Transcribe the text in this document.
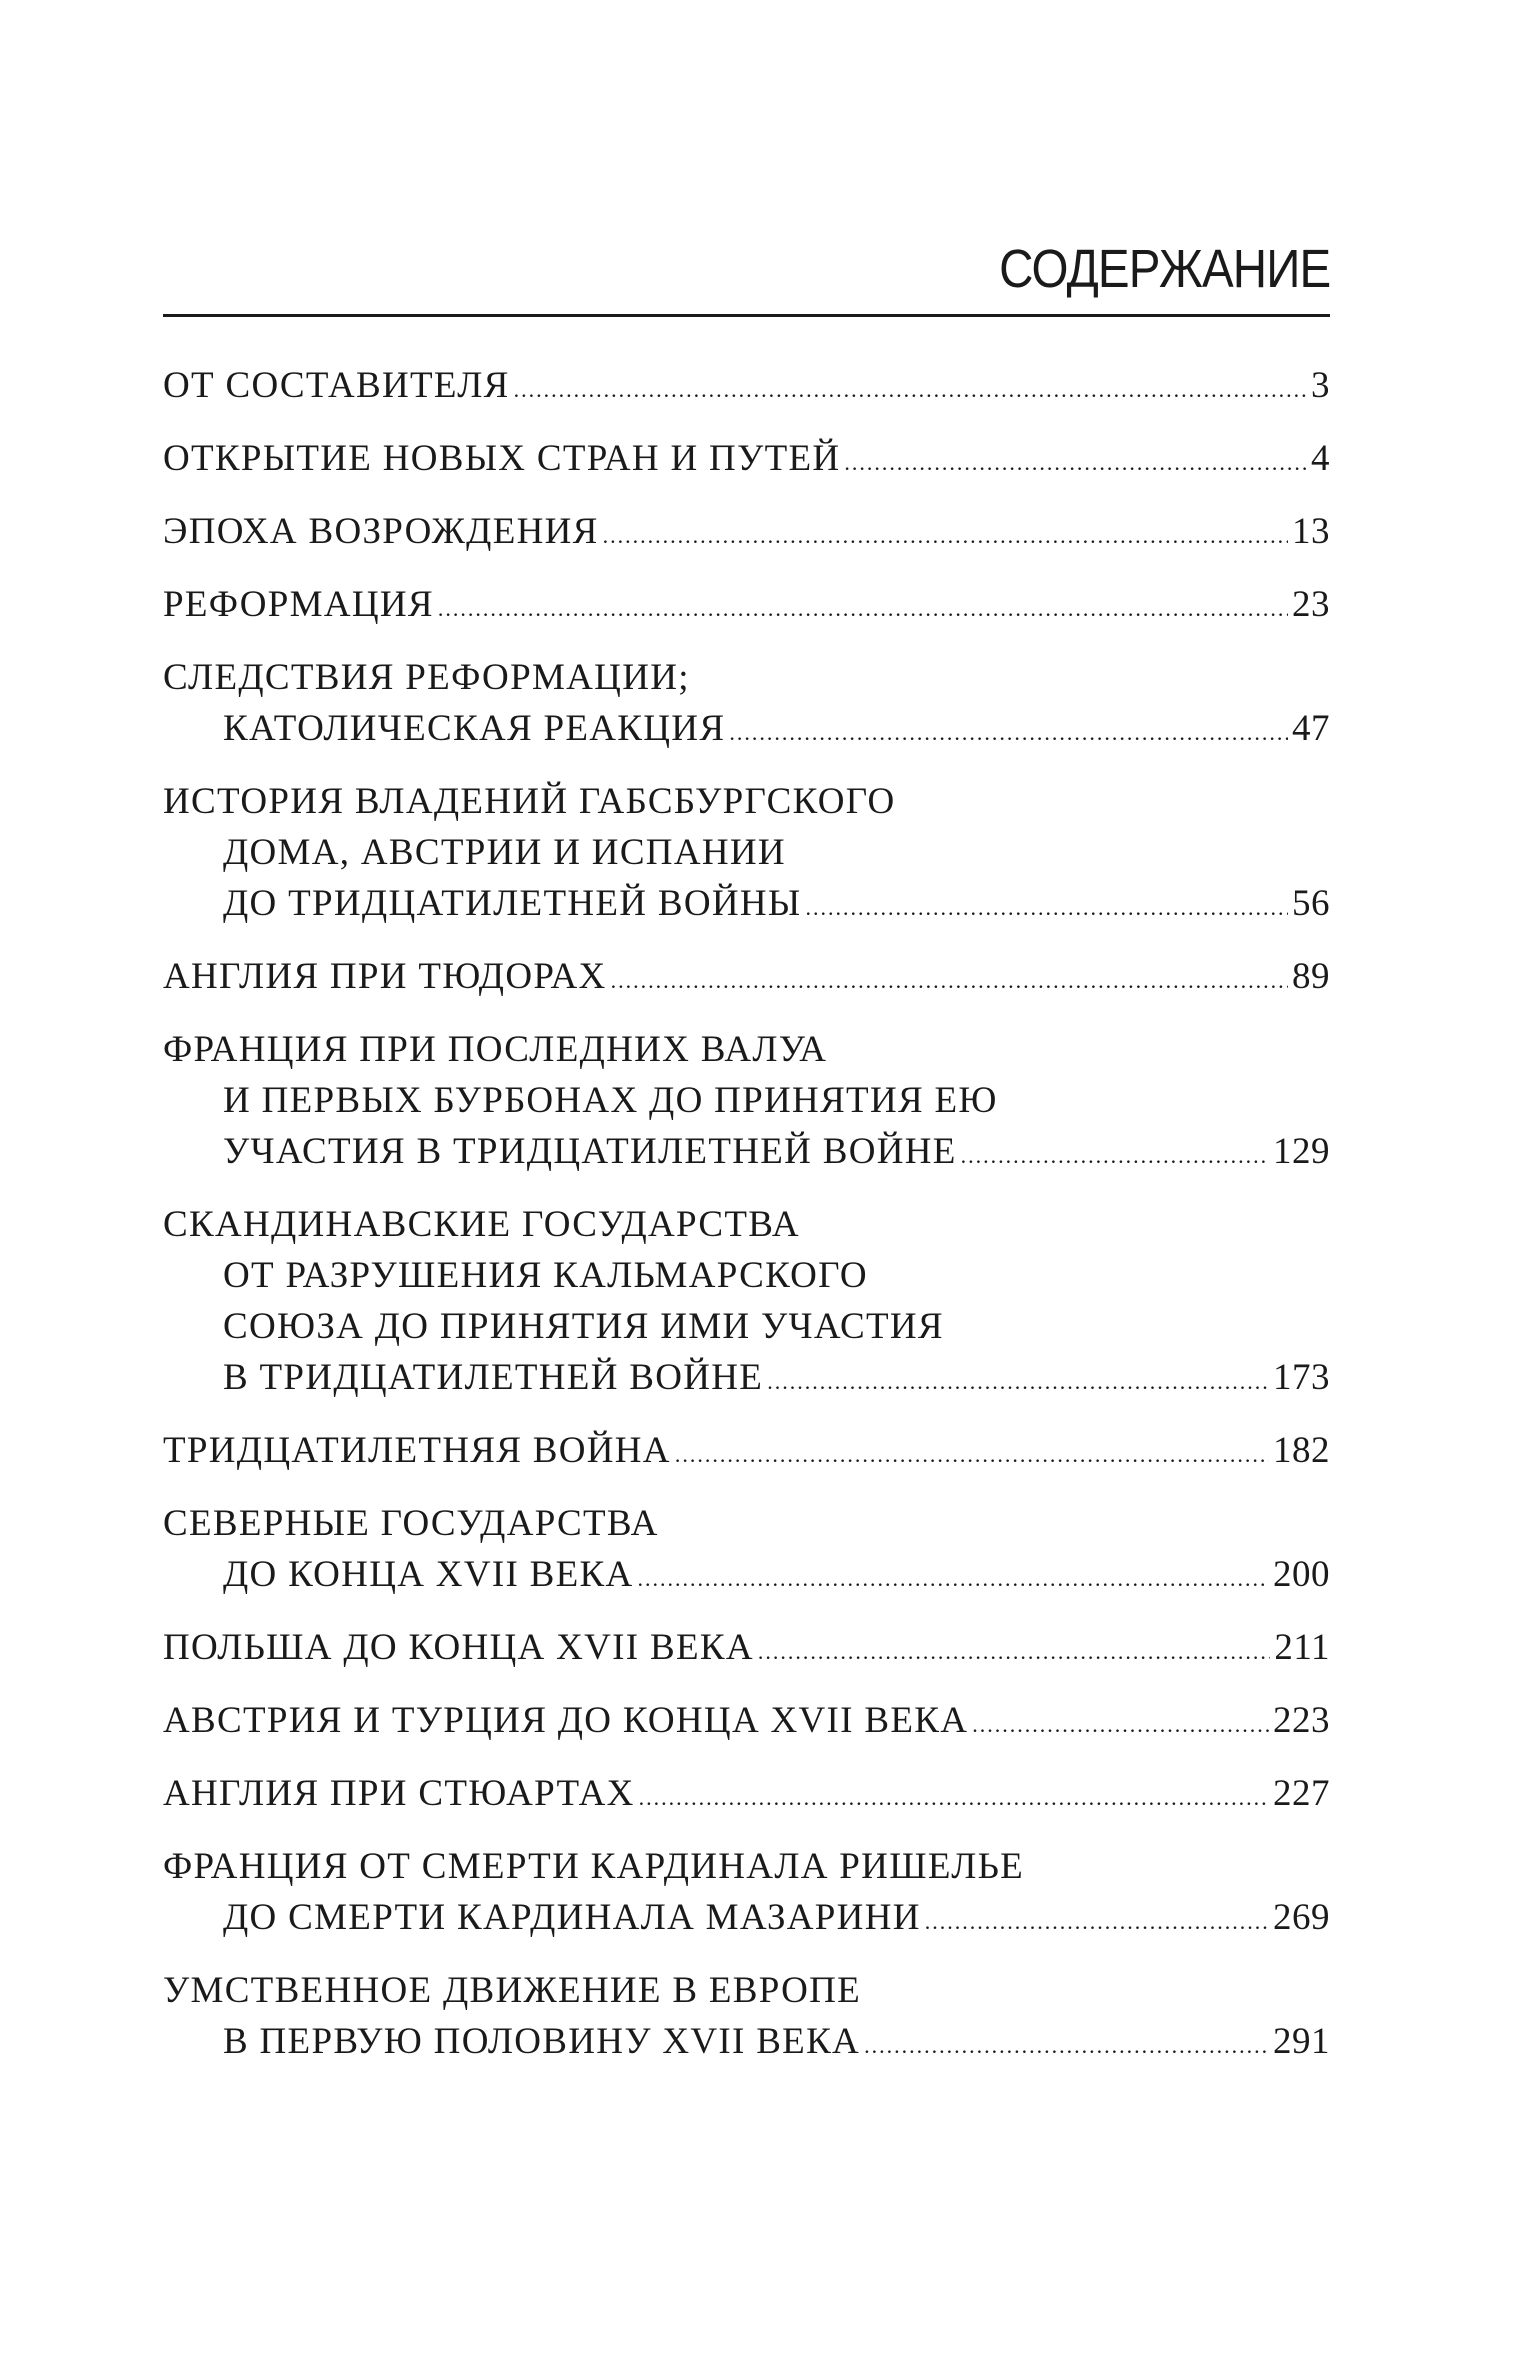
СОДЕРЖАНИЕ
ОТ СОСТАВИТЕЛЯ .....	3
ОТКРЫТИЕ НОВЫХ СТРАН И ПУТЕЙ .....	4
ЭПОХА ВОЗРОЖДЕНИЯ .....	13
РЕФОРМАЦИЯ .....	23
СЛЕДСТВИЯ РЕФОРМАЦИИ;
КАТОЛИЧЕСКАЯ РЕАКЦИЯ .....	47
ИСТОРИЯ ВЛАДЕНИЙ ГАБСБУРГСКОГО
ДОМА, АВСТРИИ И ИСПАНИИ
ДО ТРИДЦАТИЛЕТНЕЙ ВОЙНЫ .....	56
АНГЛИЯ ПРИ ТЮДОРАХ .....	89
ФРАНЦИЯ ПРИ ПОСЛЕДНИХ ВАЛУА
И ПЕРВЫХ БУРБОНАХ ДО ПРИНЯТИЯ ЕЮ
УЧАСТИЯ В ТРИДЦАТИЛЕТНЕЙ ВОЙНЕ .....	129
СКАНДИНАВСКИЕ ГОСУДАРСТВА
ОТ РАЗРУШЕНИЯ КАЛЬМАРСКОГО
СОЮЗА ДО ПРИНЯТИЯ ИМИ УЧАСТИЯ
В ТРИДЦАТИЛЕТНЕЙ ВОЙНЕ .....	173
ТРИДЦАТИЛЕТНЯЯ ВОЙНА .....	182
СЕВЕРНЫЕ ГОСУДАРСТВА
ДО КОНЦА XVII ВЕКА .....	200
ПОЛЬША ДО КОНЦА XVII ВЕКА .....	211
АВСТРИЯ И ТУРЦИЯ ДО КОНЦА XVII ВЕКА .....	223
АНГЛИЯ ПРИ СТЮАРТАХ .....	227
ФРАНЦИЯ ОТ СМЕРТИ КАРДИНАЛА РИШЕЛЬЕ
ДО СМЕРТИ КАРДИНАЛА МАЗАРИНИ .....	269
УМСТВЕННОЕ ДВИЖЕНИЕ В ЕВРОПЕ
В ПЕРВУЮ ПОЛОВИНУ XVII ВЕКА .....	291
